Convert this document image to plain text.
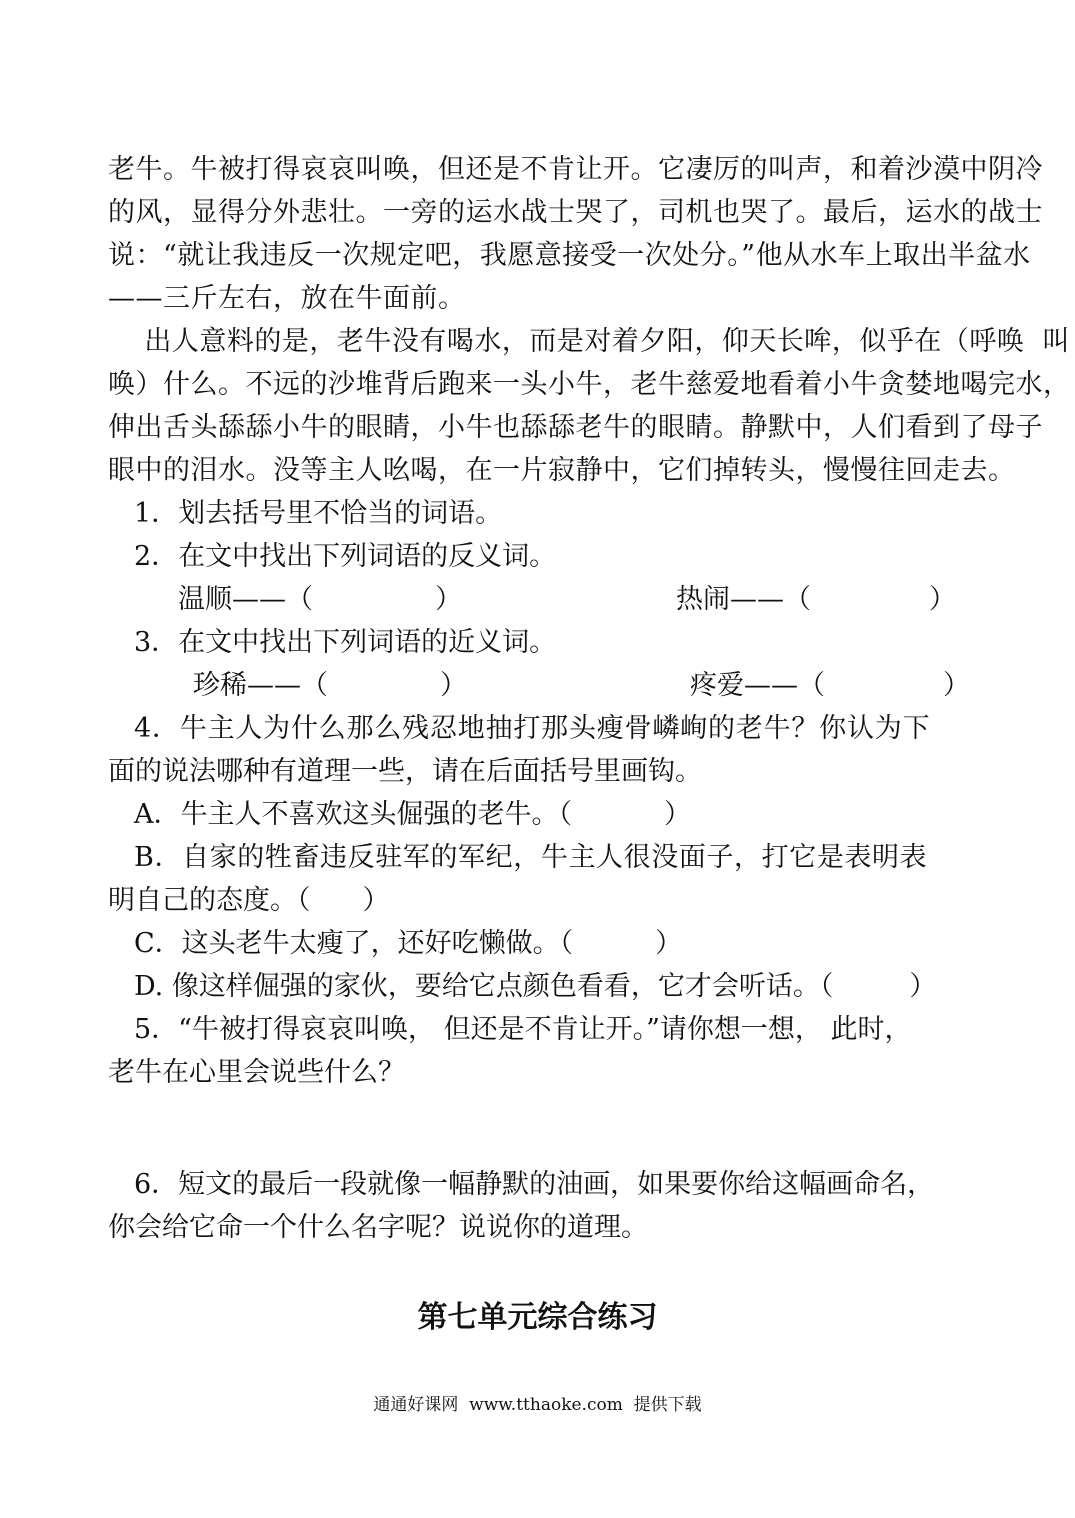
老牛。牛被打得哀哀叫唤，但还是不肯让开。它凄厉的叫声，和着沙漠中阴冷
的风，显得分外悲壮。一旁的运水战士哭了，司机也哭了。最后，运水的战士
说：“就让我违反一次规定吧，我愿意接受一次处分。”他从水车上取出半盆水
——三斤左右，放在牛面前。
出人意料的是，老牛没有喝水，而是对着夕阳，仰天长哞，似乎在（呼唤  叫
唤）什么。不远的沙堆背后跑来一头小牛，老牛慈爱地看着小牛贪婪地喝完水，
伸出舌头舔舔小牛的眼睛，小牛也舔舔老牛的眼睛。静默中，人们看到了母子
眼中的泪水。没等主人吆喝，在一片寂静中，它们掉转头，慢慢往回走去。
1．划去括号里不恰当的词语。
2．在文中找出下列词语的反义词。
温顺——（	）	热闹——（	）
3．在文中找出下列词语的近义词。
珍稀——（	）	疼爱——（	）
4．牛主人为什么那么残忍地抽打那头瘦骨嶙峋的老牛？你认为下
面的说法哪种有道理一些，请在后面括号里画钩。
A．牛主人不喜欢这头倔强的老牛。（	）
B．自家的牲畜违反驻军的军纪，牛主人很没面子，打它是表明表
明自己的态度。（ ）
C．这头老牛太瘦了，还好吃懒做。（	）
D. 像这样倔强的家伙，要给它点颜色看看，它才会听话。（	）
5．“牛被打得哀哀叫唤， 但还是不肯让开。”请你想一想， 此时，
老牛在心里会说些什么？
6．短文的最后一段就像一幅静默的油画，如果要你给这幅画命名，
你会给它命一个什么名字呢？说说你的道理。
第七单元综合练习
通通好课网  www.tthaoke.com  提供下载
